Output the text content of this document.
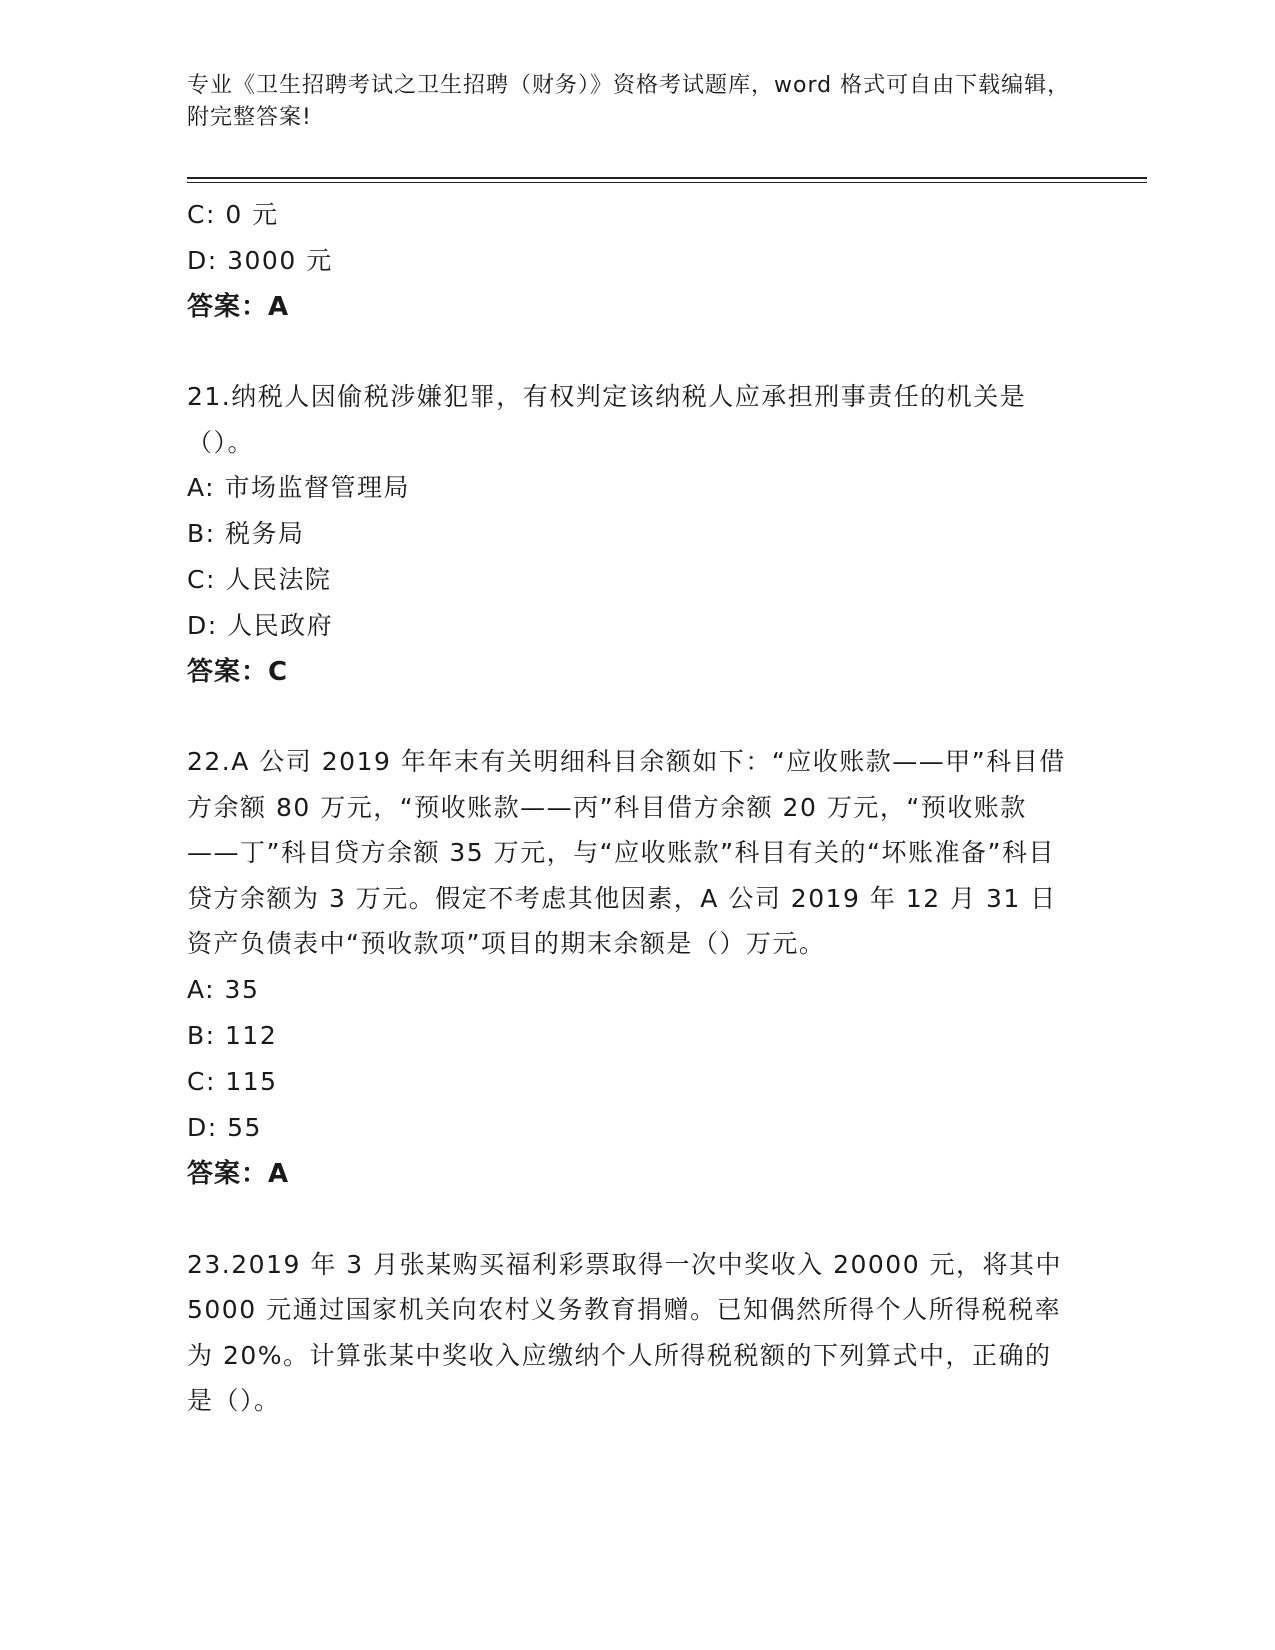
专业《卫生招聘考试之卫生招聘（财务）》资格考试题库，word 格式可自由下载编辑，附完整答案!
C: 0 元
D: 3000 元
答案：A
21.纳税人因偷税涉嫌犯罪，有权判定该纳税人应承担刑事责任的机关是（）。
A: 市场监督管理局
B: 税务局
C: 人民法院
D: 人民政府
答案：C
22.A 公司 2019 年年末有关明细科目余额如下：“应收账款——甲”科目借方余额 80 万元，“预收账款——丙”科目借方余额 20 万元，“预收账款——丁”科目贷方余额 35 万元，与“应收账款”科目有关的“坏账准备”科目贷方余额为 3 万元。假定不考虑其他因素，A 公司 2019 年 12 月 31 日资产负债表中“预收款项”项目的期末余额是（）万元。
A: 35
B: 112
C: 115
D: 55
答案：A
23.2019 年 3 月张某购买福利彩票取得一次中奖收入 20000 元，将其中 5000 元通过国家机关向农村义务教育捐赠。已知偶然所得个人所得税税率为 20%。计算张某中奖收入应缴纳个人所得税税额的下列算式中，正确的是（）。
